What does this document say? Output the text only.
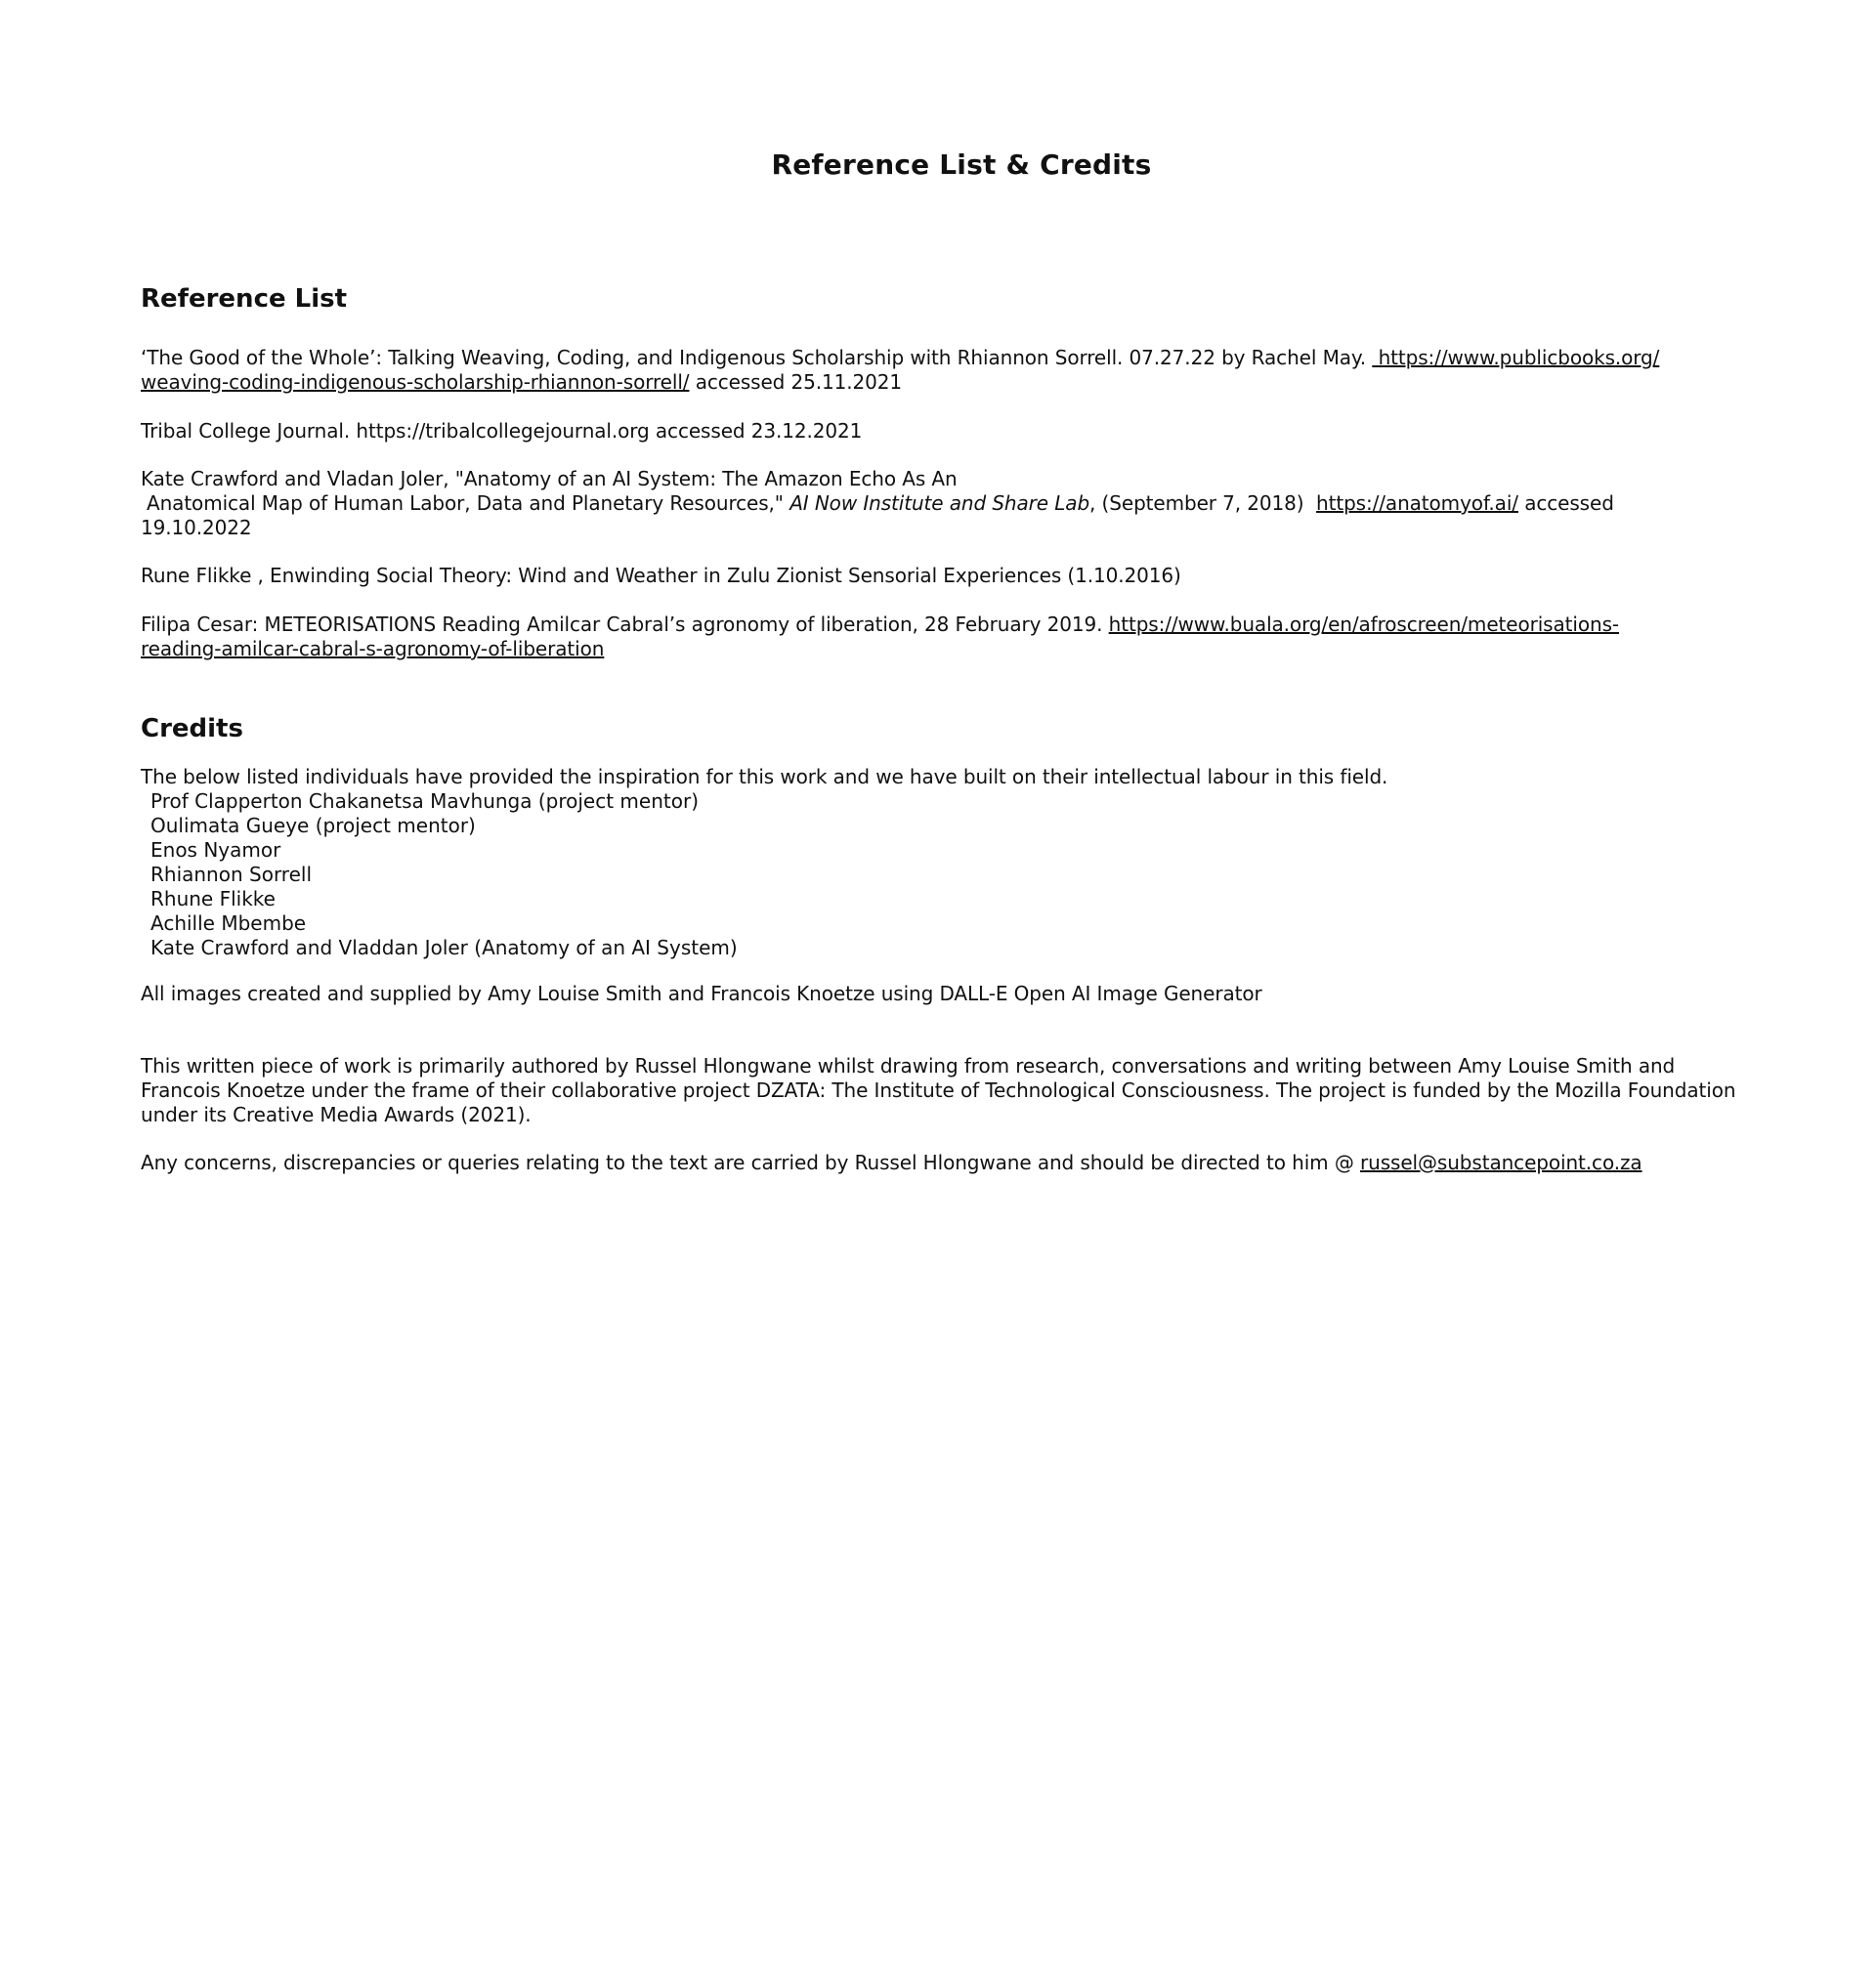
Reference List & Credits
Reference List
‘The Good of the Whole’: Talking Weaving, Coding, and Indigenous Scholarship with Rhiannon Sorrell. 07.27.22 by Rachel May. https://www.publicbooks.org/
weaving-coding-indigenous-scholarship-rhiannon-sorrell/ accessed 25.11.2021
Tribal College Journal. https://tribalcollegejournal.org accessed 23.12.2021
Kate Crawford and Vladan Joler, "Anatomy of an AI System: The Amazon Echo As An
Anatomical Map of Human Labor, Data and Planetary Resources," AI Now Institute and Share Lab, (September 7, 2018) https://anatomyof.ai/ accessed
19.10.2022
Rune Flikke , Enwinding Social Theory: Wind and Weather in Zulu Zionist Sensorial Experiences (1.10.2016)
Filipa Cesar: METEORISATIONS Reading Amilcar Cabral’s agronomy of liberation, 28 February 2019. https://www.buala.org/en/afroscreen/meteorisations-
reading-amilcar-cabral-s-agronomy-of-liberation
Credits
The below listed individuals have provided the inspiration for this work and we have built on their intellectual labour in this field.
Prof Clapperton Chakanetsa Mavhunga (project mentor)
Oulimata Gueye (project mentor)
Enos Nyamor
Rhiannon Sorrell
Rhune Flikke
Achille Mbembe
Kate Crawford and Vladdan Joler (Anatomy of an AI System)
All images created and supplied by Amy Louise Smith and Francois Knoetze using DALL-E Open AI Image Generator
This written piece of work is primarily authored by Russel Hlongwane whilst drawing from research, conversations and writing between Amy Louise Smith and Francois Knoetze under the frame of their collaborative project DZATA: The Institute of Technological Consciousness. The project is funded by the Mozilla Foundation under its Creative Media Awards (2021).
Any concerns, discrepancies or queries relating to the text are carried by Russel Hlongwane and should be directed to him @ russel@substancepoint.co.za
